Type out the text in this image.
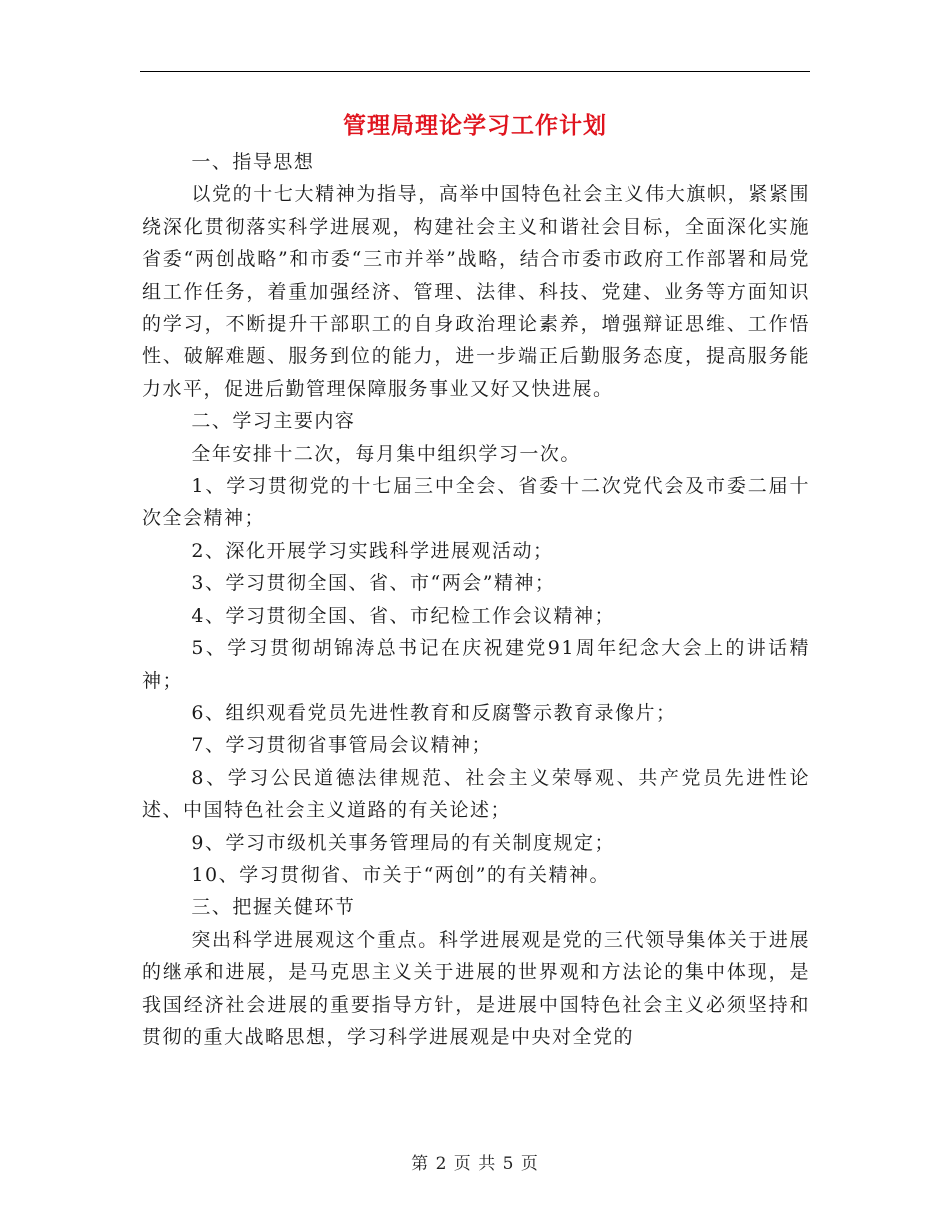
管理局理论学习工作计划

一、指导思想

以党的十七大精神为指导，高举中国特色社会主义伟大旗帜，紧紧围绕深化贯彻落实科学进展观，构建社会主义和谐社会目标，全面深化实施省委“两创战略”和市委“三市并举”战略，结合市委市政府工作部署和局党组工作任务，着重加强经济、管理、法律、科技、党建、业务等方面知识的学习，不断提升干部职工的自身政治理论素养，增强辩证思维、工作悟性、破解难题、服务到位的能力，进一步端正后勤服务态度，提高服务能力水平，促进后勤管理保障服务事业又好又快进展。

二、学习主要内容

全年安排十二次，每月集中组织学习一次。

1、学习贯彻党的十七届三中全会、省委十二次党代会及市委二届十次全会精神；

2、深化开展学习实践科学进展观活动；

3、学习贯彻全国、省、市“两会”精神；

4、学习贯彻全国、省、市纪检工作会议精神；

5、学习贯彻胡锦涛总书记在庆祝建党91周年纪念大会上的讲话精神；

6、组织观看党员先进性教育和反腐警示教育录像片；

7、学习贯彻省事管局会议精神；

8、学习公民道德法律规范、社会主义荣辱观、共产党员先进性论述、中国特色社会主义道路的有关论述；

9、学习市级机关事务管理局的有关制度规定；

10、学习贯彻省、市关于“两创”的有关精神。

三、把握关健环节

突出科学进展观这个重点。科学进展观是党的三代领导集体关于进展的继承和进展，是马克思主义关于进展的世界观和方法论的集中体现，是我国经济社会进展的重要指导方针，是进展中国特色社会主义必须坚持和贯彻的重大战略思想，学习科学进展观是中央对全党的

第 2 页 共 5 页
